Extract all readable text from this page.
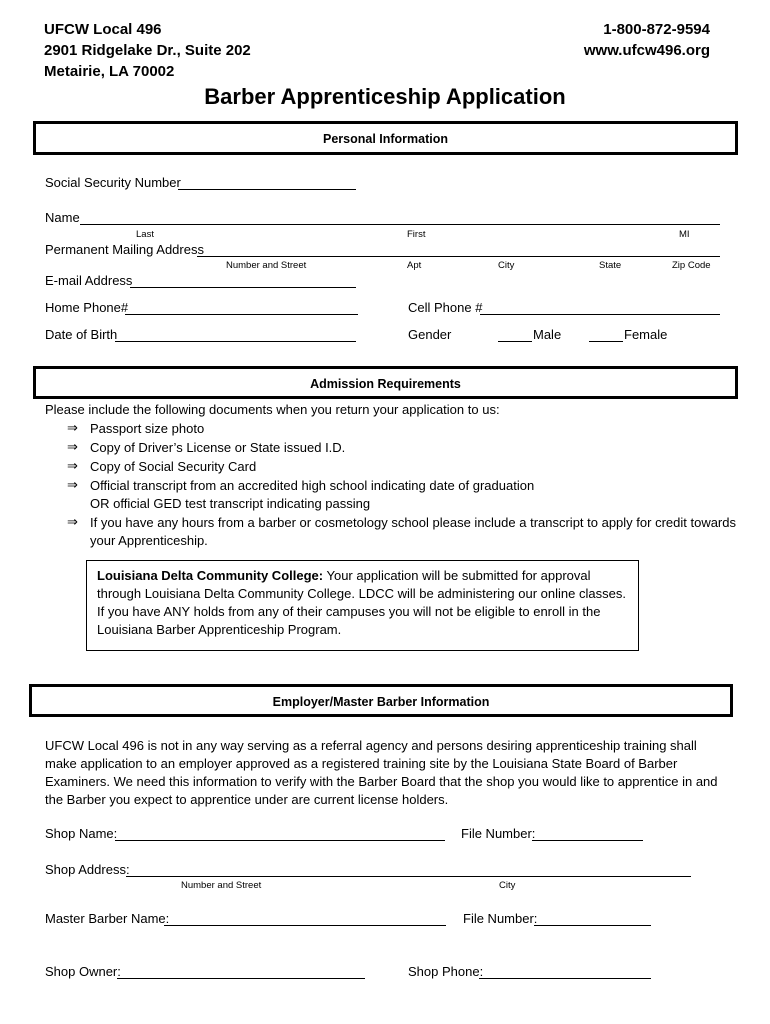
UFCW Local 496
2901 Ridgelake Dr., Suite 202
Metairie, LA 70002
1-800-872-9594
www.ufcw496.org
Barber Apprenticeship Application
Personal Information
Social Security Number
Name
Last	First	MI
Permanent Mailing Address
Number and Street	Apt	City	State	Zip Code
E-mail Address
Home Phone#	Cell Phone #
Date of Birth	Gender	Male	Female
Admission Requirements
Please include the following documents when you return your application to us:
⇒ Passport size photo
⇒ Copy of Driver’s License or State issued I.D.
⇒ Copy of Social Security Card
⇒ Official transcript from an accredited high school indicating date of graduation
OR official GED test transcript indicating passing
⇒ If you have any hours from a barber or cosmetology school please include a transcript to apply for credit towards
your Apprenticeship.
Louisiana Delta Community College: Your application will be submitted for approval through Louisiana Delta Community College. LDCC will be administering our online classes. If you have ANY holds from any of their campuses you will not be eligible to enroll in the Louisiana Barber Apprenticeship Program.
Employer/Master Barber Information
UFCW Local 496 is not in any way serving as a referral agency and persons desiring apprenticeship training shall make application to an employer approved as a registered training site by the Louisiana State Board of Barber Examiners. We need this information to verify with the Barber Board that the shop you would like to apprentice in and the Barber you expect to apprentice under are current license holders.
Shop Name:	File Number:
Shop Address:
Number and Street	City
Master Barber Name:	File Number:
Shop Owner:	Shop Phone:
